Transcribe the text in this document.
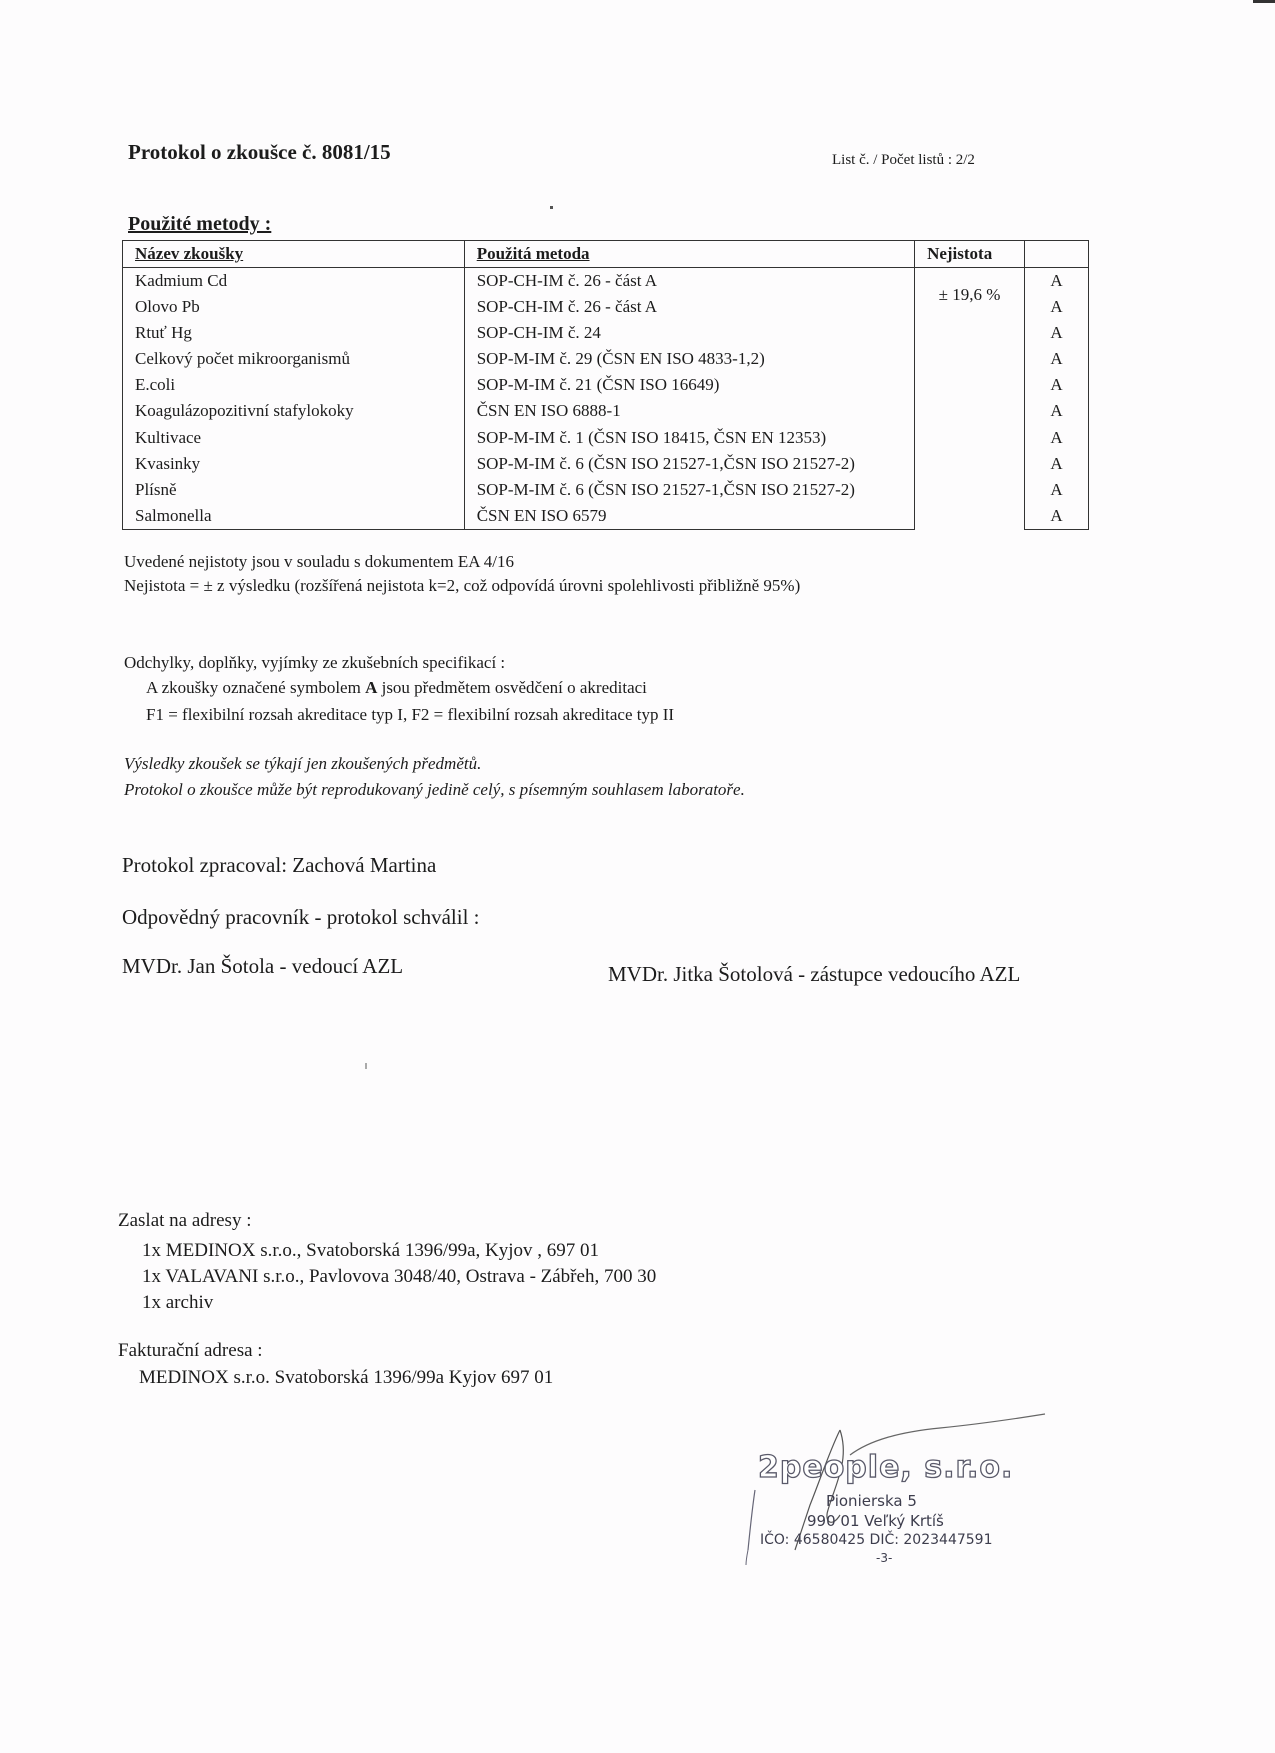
Protokol o zkoušce č. 8081/15	List č. / Počet listů : 2/2
Použité metody :
Název zkoušky	Použitá metoda	Nejistota	
Kadmium Cd	SOP-CH-IM č. 26 - část A	± 19,6 %	A
Olovo Pb	SOP-CH-IM č. 26 - část A		A
Rtuť Hg	SOP-CH-IM č. 24		A
Celkový počet mikroorganismů	SOP-M-IM č. 29 (ČSN EN ISO 4833-1,2)		A
E.coli	SOP-M-IM č. 21 (ČSN ISO 16649)		A
Koagulázopozitivní stafylokoky	ČSN EN ISO 6888-1		A
Kultivace	SOP-M-IM č. 1 (ČSN ISO 18415, ČSN EN 12353)		A
Kvasinky	SOP-M-IM č. 6 (ČSN ISO 21527-1,ČSN ISO 21527-2)		A
Plísně	SOP-M-IM č. 6 (ČSN ISO 21527-1,ČSN ISO 21527-2)		A
Salmonella	ČSN EN ISO 6579		A
Uvedené nejistoty jsou v souladu s dokumentem EA 4/16
Nejistota = ± z výsledku (rozšířená nejistota k=2, což odpovídá úrovni spolehlivosti přibližně 95%)
Odchylky, doplňky, vyjímky ze zkušebních specifikací :
A zkoušky označené symbolem A jsou předmětem osvědčení o akreditaci
F1 = flexibilní rozsah akreditace typ I, F2 = flexibilní rozsah akreditace typ II
Výsledky zkoušek se týkají jen zkoušených předmětů.
Protokol o zkoušce může být reprodukovaný jedině celý, s písemným souhlasem laboratoře.
Protokol zpracoval: Zachová Martina
Odpovědný pracovník - protokol schválil :
MVDr. Jan Šotola - vedoucí AZL	MVDr. Jitka Šotolová - zástupce vedoucího AZL
Zaslat na adresy :
1x MEDINOX s.r.o., Svatoborská 1396/99a, Kyjov , 697 01
1x VALAVANI s.r.o., Pavlovova 3048/40, Ostrava - Zábřeh, 700 30
1x archiv
Fakturační adresa :
MEDINOX s.r.o. Svatoborská 1396/99a Kyjov 697 01
2people, s.r.o.
Pionierska 5
990 01 Veľký Krtíš
IČO: 46580425 DIČ: 2023447591
-3-
